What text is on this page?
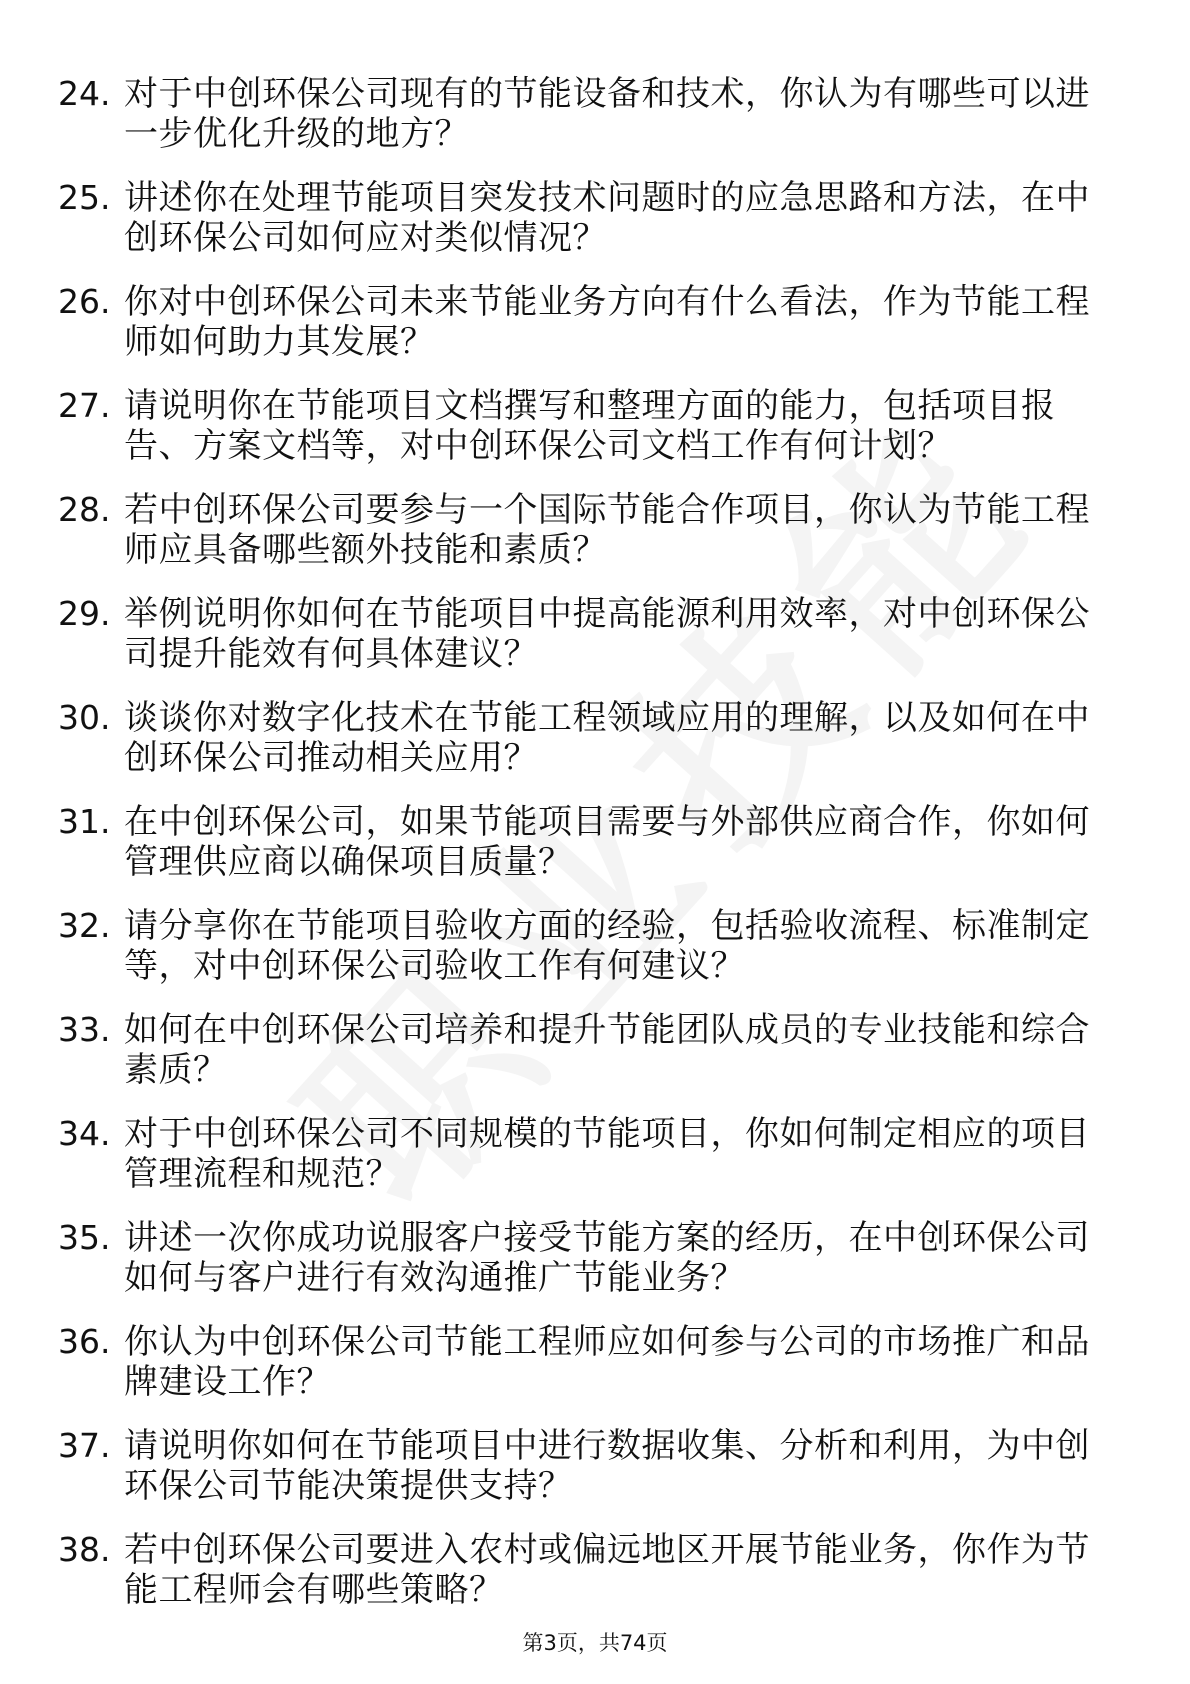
24. 对于中创环保公司现有的节能设备和技术，你认为有哪些可以进一步优化升级的地方？
25. 讲述你在处理节能项目突发技术问题时的应急思路和方法，在中创环保公司如何应对类似情况？
26. 你对中创环保公司未来节能业务方向有什么看法，作为节能工程师如何助力其发展？
27. 请说明你在节能项目文档撰写和整理方面的能力，包括项目报告、方案文档等，对中创环保公司文档工作有何计划？
28. 若中创环保公司要参与一个国际节能合作项目，你认为节能工程师应具备哪些额外技能和素质？
29. 举例说明你如何在节能项目中提高能源利用效率，对中创环保公司提升能效有何具体建议？
30. 谈谈你对数字化技术在节能工程领域应用的理解，以及如何在中创环保公司推动相关应用？
31. 在中创环保公司，如果节能项目需要与外部供应商合作，你如何管理供应商以确保项目质量？
32. 请分享你在节能项目验收方面的经验，包括验收流程、标准制定等，对中创环保公司验收工作有何建议？
33. 如何在中创环保公司培养和提升节能团队成员的专业技能和综合素质？
34. 对于中创环保公司不同规模的节能项目，你如何制定相应的项目管理流程和规范？
35. 讲述一次你成功说服客户接受节能方案的经历，在中创环保公司如何与客户进行有效沟通推广节能业务？
36. 你认为中创环保公司节能工程师应如何参与公司的市场推广和品牌建设工作？
37. 请说明你如何在节能项目中进行数据收集、分析和利用，为中创环保公司节能决策提供支持？
38. 若中创环保公司要进入农村或偏远地区开展节能业务，你作为节能工程师会有哪些策略？
第3页，共74页
